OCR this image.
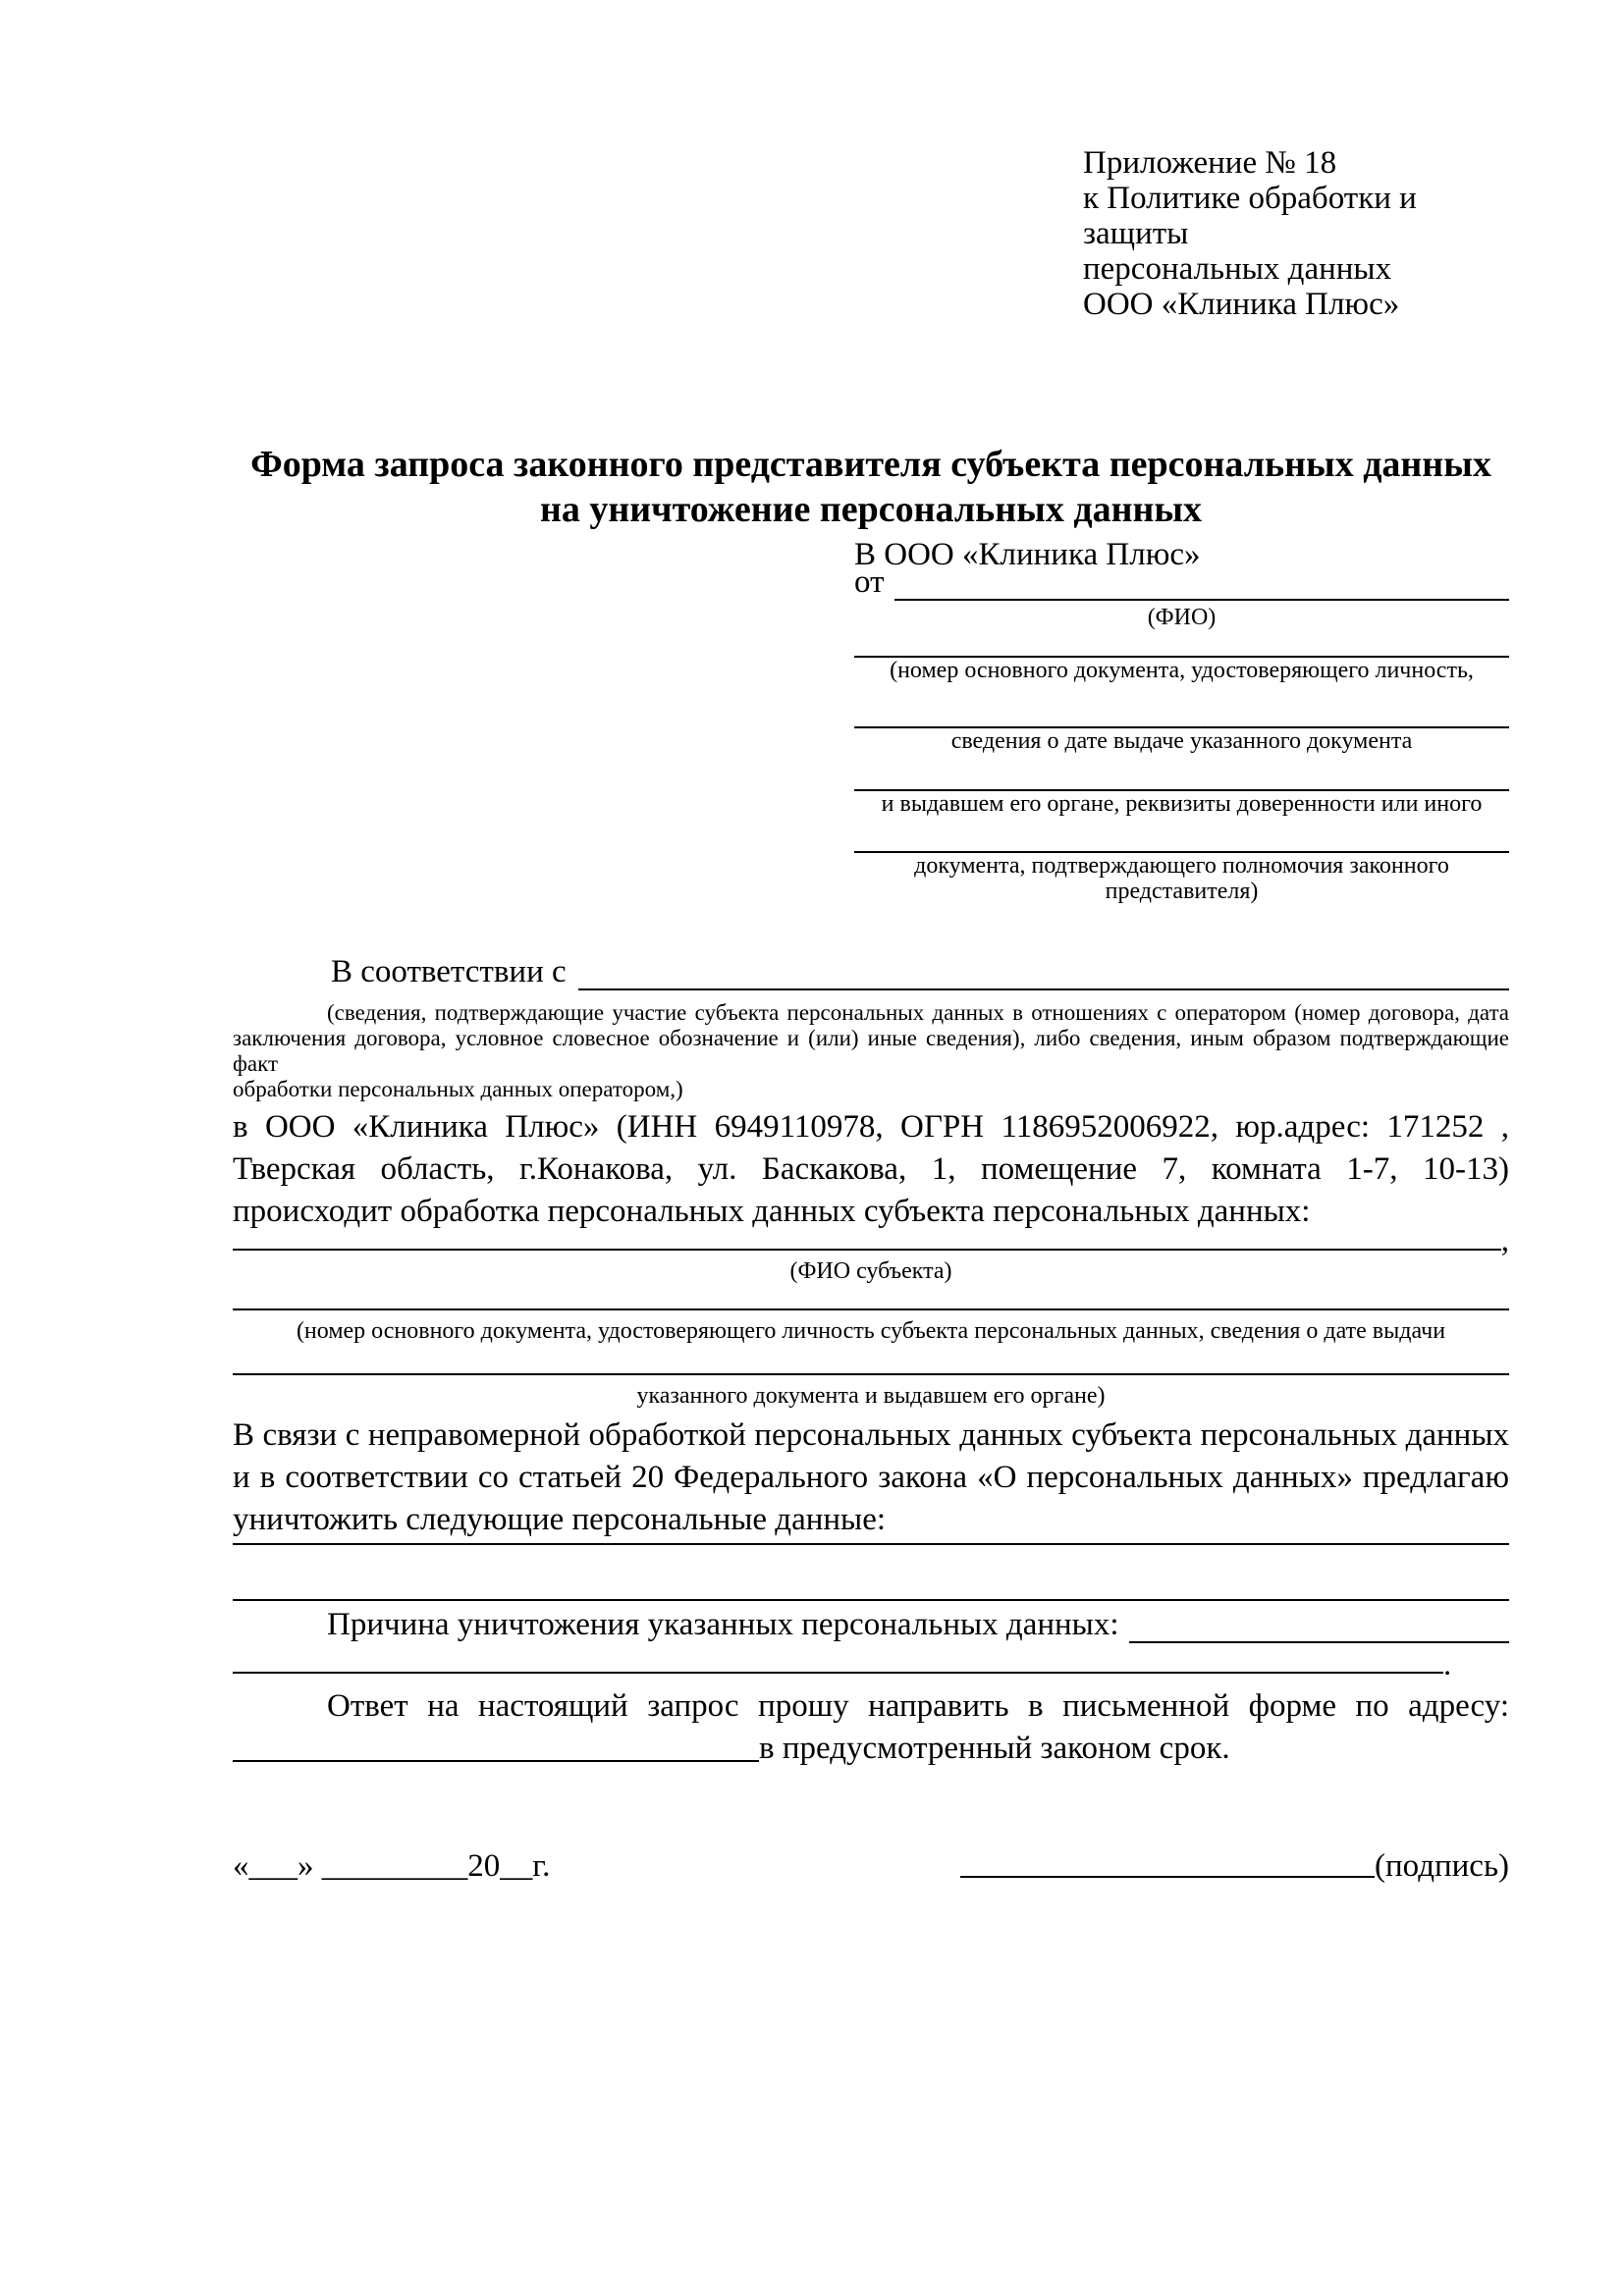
Приложение № 18
к Политике обработки и защиты
персональных данных
ООО «Клиника Плюс»
Форма запроса законного представителя субъекта персональных данных
на уничтожение персональных данных
В ООО «Клиника Плюс»
от
(ФИО)
(номер основного документа, удостоверяющего личность,
сведения о дате выдаче указанного документа
и выдавшем его органе, реквизиты доверенности или иного
документа, подтверждающего полномочия законного представителя)
В соответствии с
(сведения, подтверждающие участие субъекта персональных данных в отношениях с оператором (номер договора, дата
заключения договора, условное словесное обозначение и (или) иные сведения), либо сведения, иным образом подтверждающие факт
обработки персональных данных оператором,)
в ООО «Клиника Плюс» (ИНН 6949110978, ОГРН 1186952006922, юр.адрес: 171252 ,
Тверская область, г.Конакова, ул. Баскакова, 1, помещение 7, комната 1-7, 10-13)
происходит обработка персональных данных субъекта персональных данных:
,
(ФИО субъекта)
(номер основного документа, удостоверяющего личность субъекта персональных данных, сведения о дате выдачи
указанного документа и выдавшем его органе)
В связи с неправомерной обработкой персональных данных субъекта персональных данных
и в соответствии со статьей 20 Федерального закона «О персональных данных» предлагаю
уничтожить следующие персональные данные:
Причина уничтожения указанных персональных данных:
.
Ответ на настоящий запрос прошу направить в письменной форме по адресу:
в предусмотренный законом срок.
«___» _________20__г.	(подпись)
